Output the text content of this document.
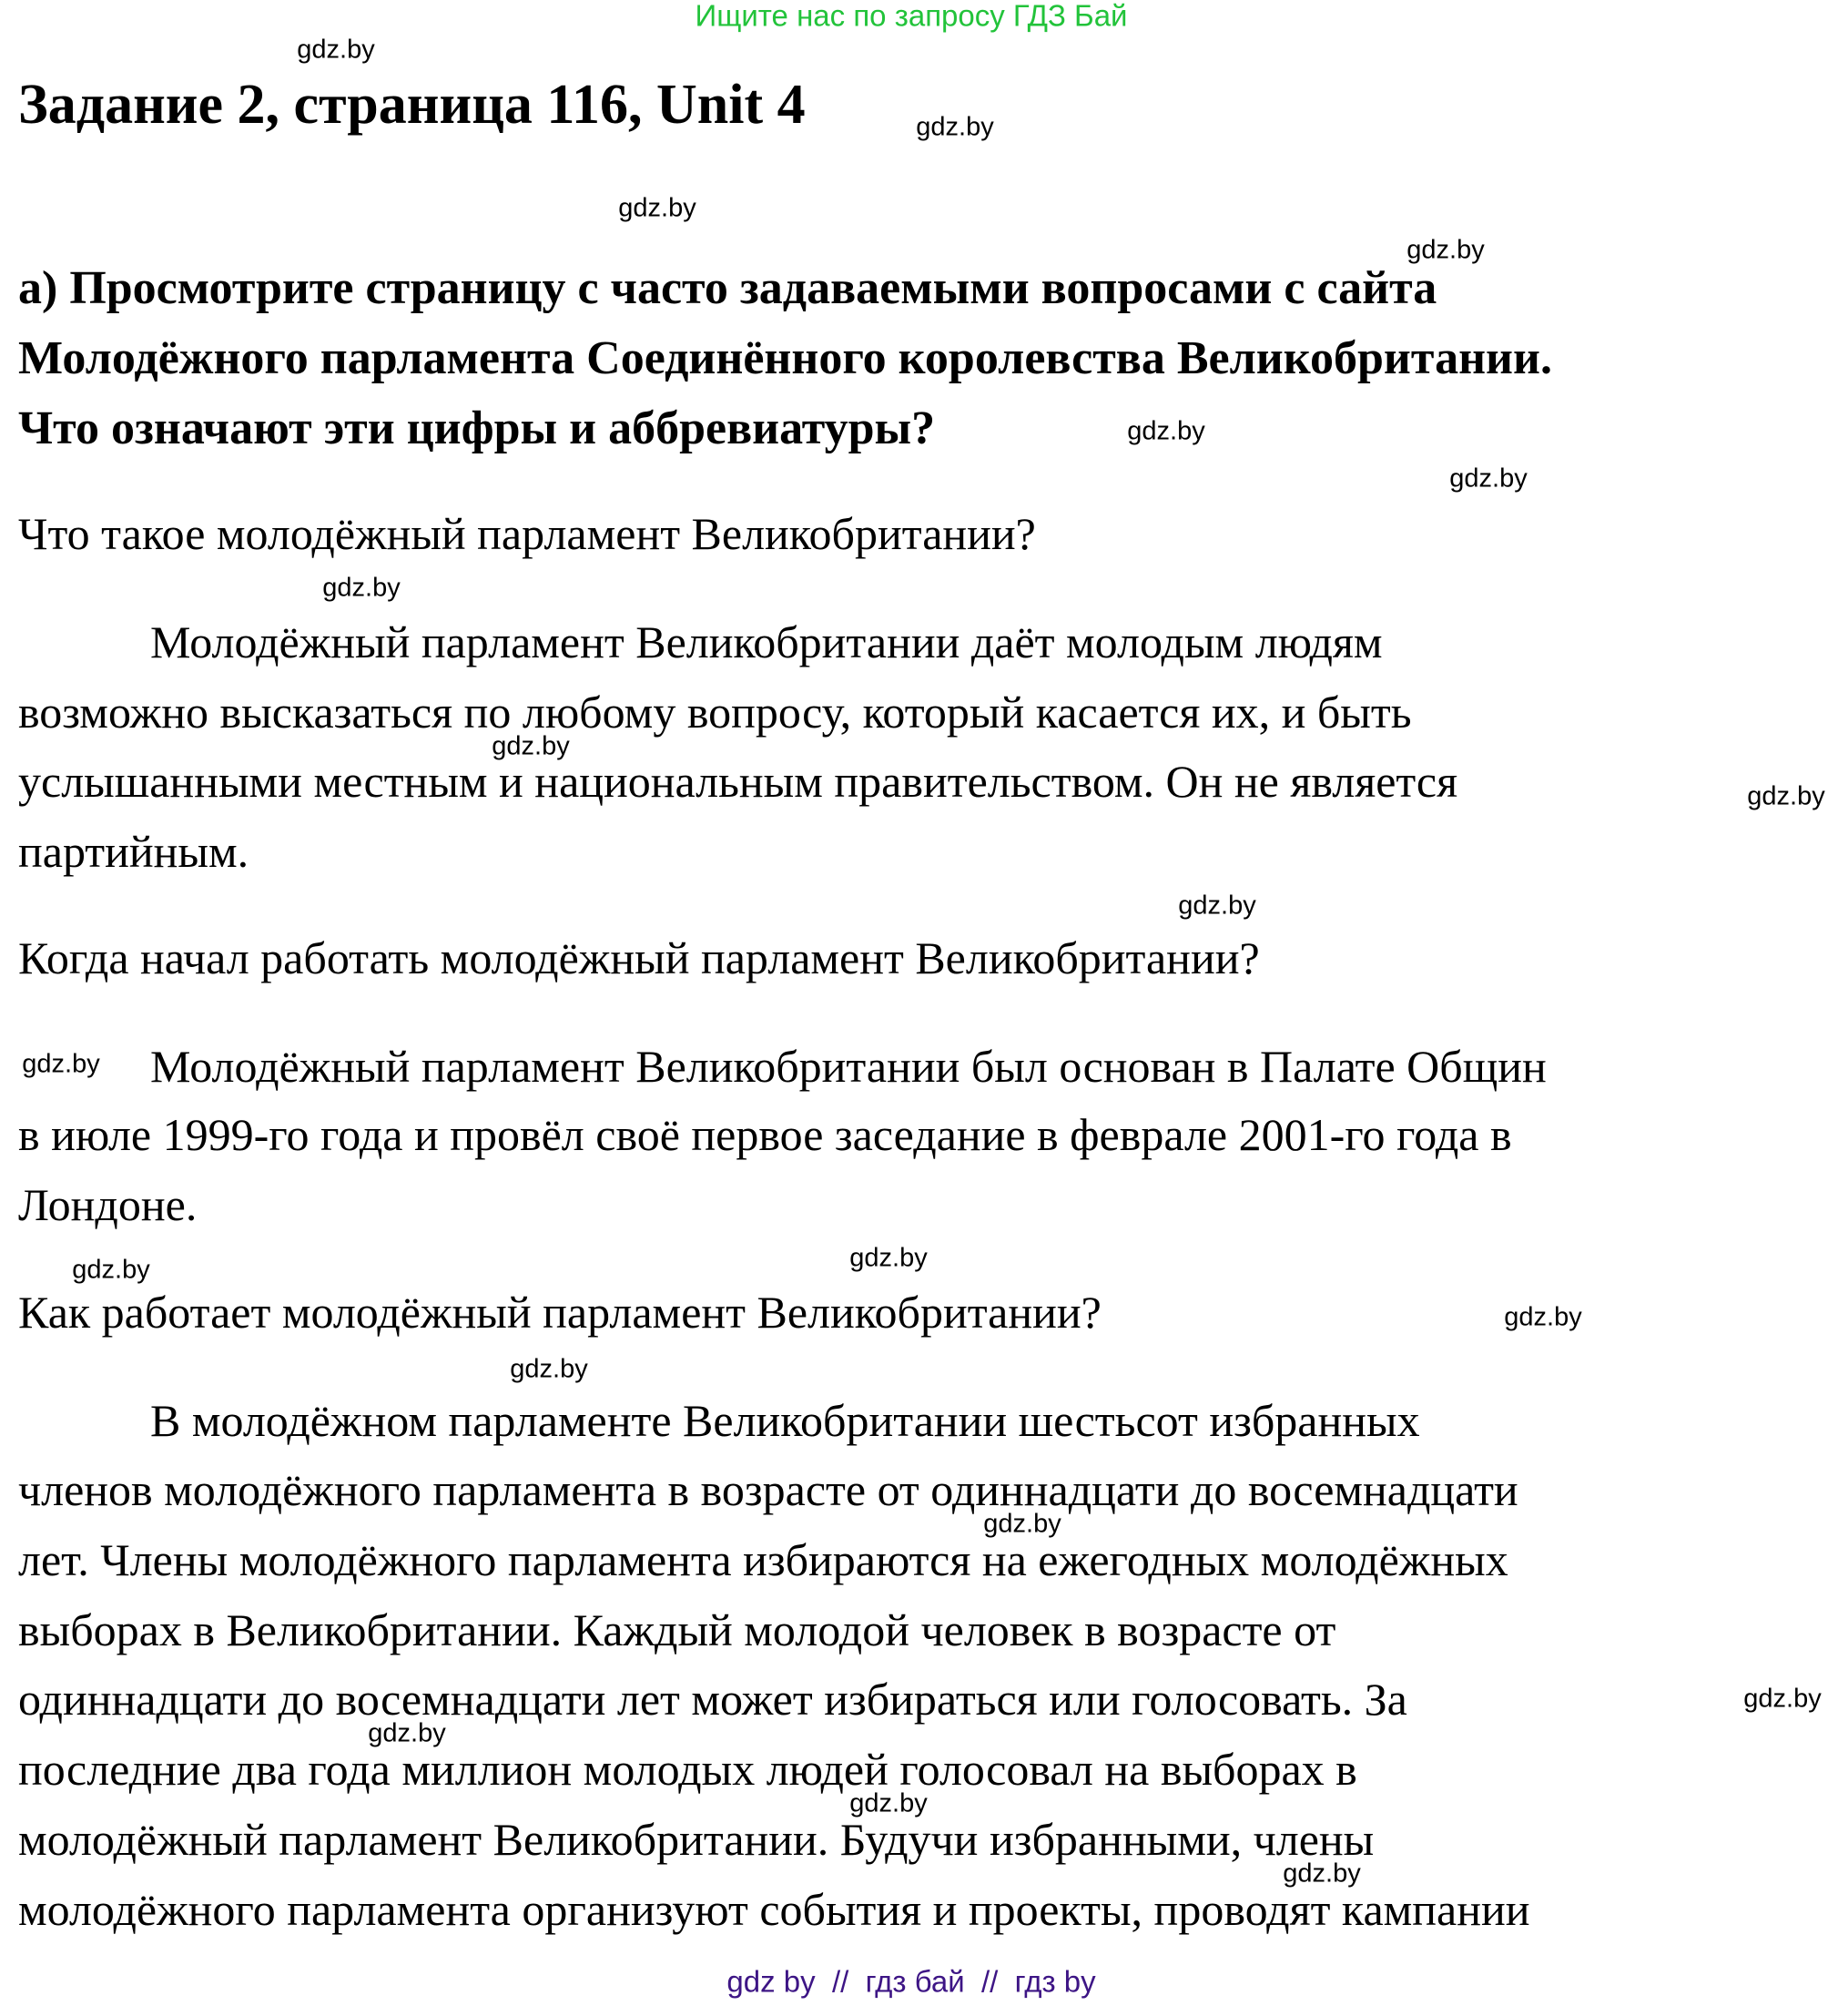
Ищите нас по запросу ГДЗ Бай
Задание 2, страница 116, Unit 4
а) Просмотрите страницу с часто задаваемыми вопросами с сайта
Молодёжного парламента Соединённого королевства Великобритании.
Что означают эти цифры и аббревиатуры?
Что такое молодёжный парламент Великобритании?
Молодёжный парламент Великобритании даёт молодым людям
возможно высказаться по любому вопросу, который касается их, и быть
услышанными местным и национальным правительством. Он не является
партийным.
Когда начал работать молодёжный парламент Великобритании?
Молодёжный парламент Великобритании был основан в Палате Общин
в июле 1999-го года и провёл своё первое заседание в феврале 2001-го года в
Лондоне.
Как работает молодёжный парламент Великобритании?
В молодёжном парламенте Великобритании шестьсот избранных
членов молодёжного парламента в возрасте от одиннадцати до восемнадцати
лет. Члены молодёжного парламента избираются на ежегодных молодёжных
выборах в Великобритании. Каждый молодой человек в возрасте от
одиннадцати до восемнадцати лет может избираться или голосовать. За
последние два года миллион молодых людей голосовал на выборах в
молодёжный парламент Великобритании. Будучи избранными, члены
молодёжного парламента организуют события и проекты, проводят кампании
gdz.by
gdz.by
gdz.by
gdz.by
gdz.by
gdz.by
gdz.by
gdz.by
gdz.by
gdz.by
gdz.by
gdz.by
gdz.by
gdz.by
gdz.by
gdz.by
gdz.by
gdz.by
gdz.by
gdz.by
gdz by  //  гдз бай  //  гдз by
